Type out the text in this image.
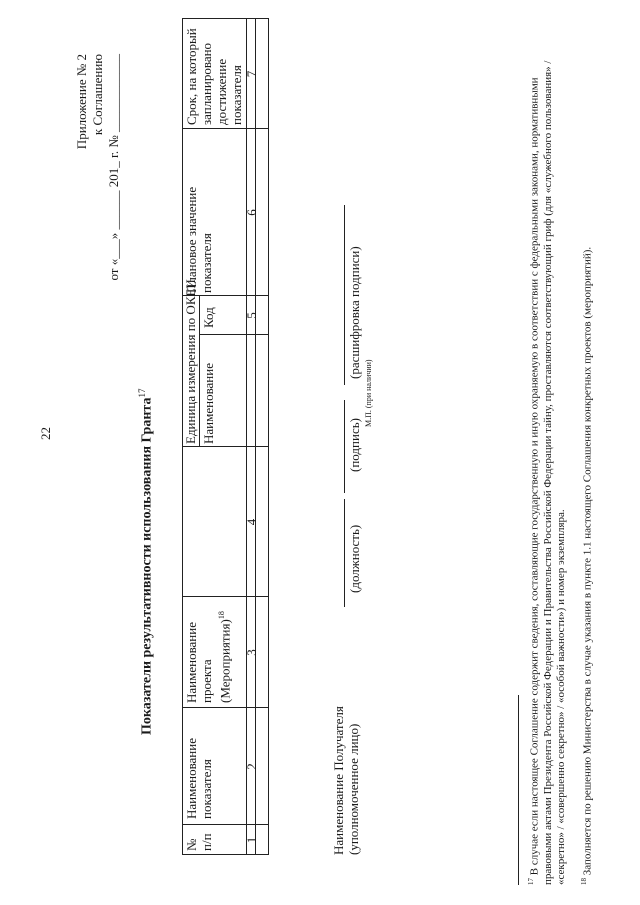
22
Приложение № 2 к Соглашению от «___» ______ 201_ г. № ____________
Показатели результативности использования Гранта$^{17}$
№ п/п
Наименование показателя
Наименование проекта (Мероприятия)$^{18}$
Единица измерения по ОКЕИ Наименование
Код
Плановое значение показателя
Срок, на который запланировано достижение показателя
1
2
3
4
5
6
7
Наименование Получателя (уполномоченное лицо)
(должность)
(подпись)
(расшифровка подписи)
М.П. (при наличии)
$^{17}$ В случае если настоящее Соглашение содержит сведения, составляющие государственную и иную охраняемую в соответствии с федеральными законами, нормативными правовыми актами Президента Российской Федерации и Правительства Российской Федерации тайну, проставляются соответствующий гриф (для «служебного пользования» / «секретно» / «совершенно секретно» / «особой важности») и номер экземпляра. $^{18}$ Заполняется по решению Министерства в случае указания в пункте 1.1 настоящего Соглашения конкретных проектов (мероприятий).
